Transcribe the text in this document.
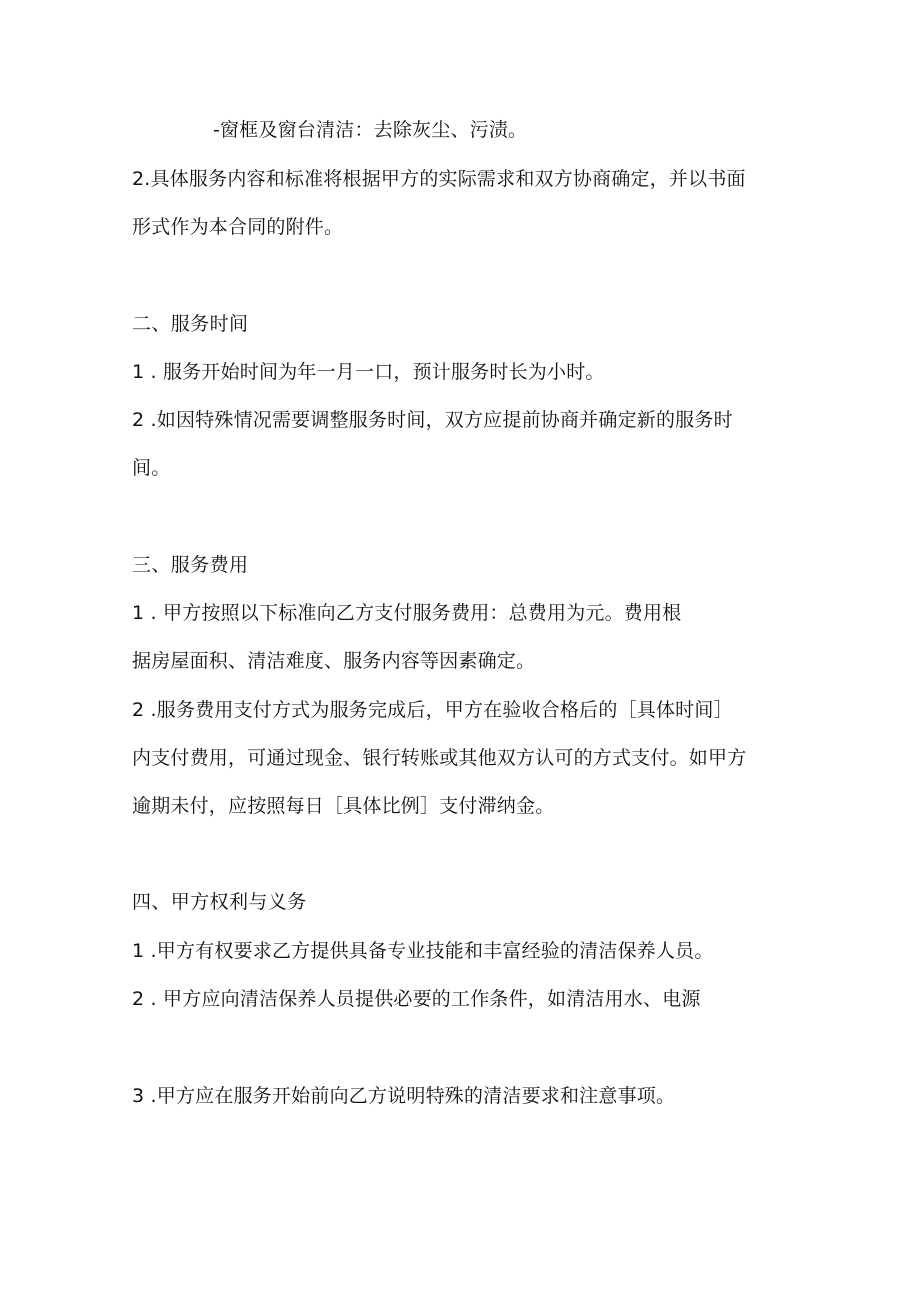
-窗框及窗台清洁：去除灰尘、污渍。
2.具体服务内容和标准将根据甲方的实际需求和双方协商确定，并以书面
形式作为本合同的附件。
二、服务时间
1 . 服务开始时间为年一月一口，预计服务时长为小时。
2 .如因特殊情况需要调整服务时间，双方应提前协商并确定新的服务时
间。
三、服务费用
1 . 甲方按照以下标准向乙方支付服务费用：总费用为元。费用根
据房屋面积、清洁难度、服务内容等因素确定。
2 .服务费用支付方式为服务完成后，甲方在验收合格后的［具体时间］
内支付费用，可通过现金、银行转账或其他双方认可的方式支付。如甲方
逾期未付，应按照每日［具体比例］支付滞纳金。
四、甲方权利与义务
1 .甲方有权要求乙方提供具备专业技能和丰富经验的清洁保养人员。
2 . 甲方应向清洁保养人员提供必要的工作条件，如清洁用水、电源
3 .甲方应在服务开始前向乙方说明特殊的清洁要求和注意事项。
